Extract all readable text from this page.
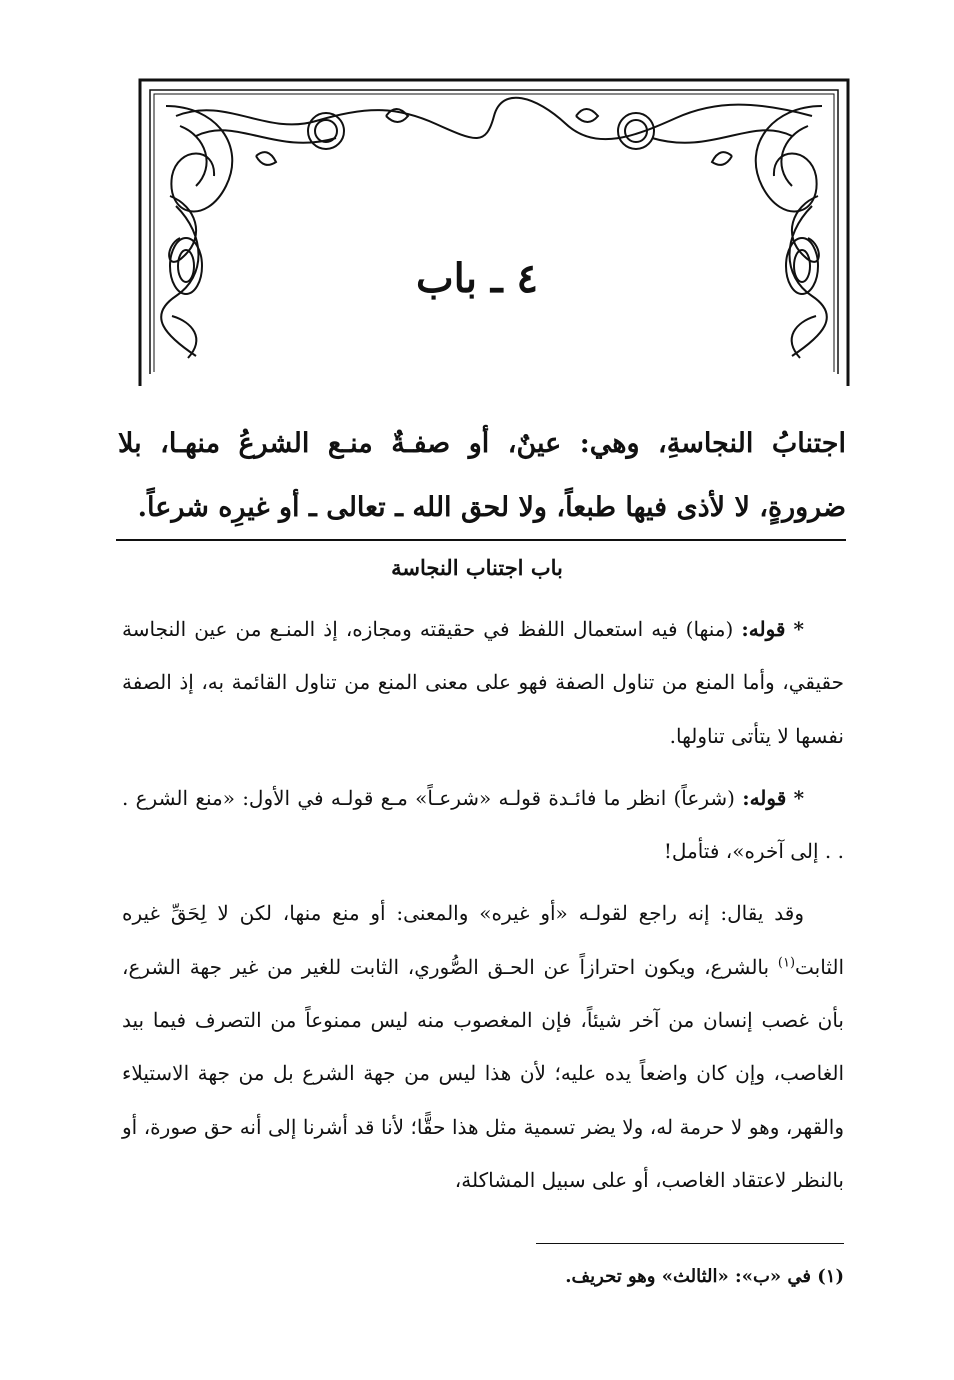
٤ ـ باب
اجتنابُ النجاسةِ، وهي: عينٌ، أو صفـةٌ منـع الشرعُ منهـا، بلا ضرورةٍ، لا لأذى فيها طبعاً، ولا لحق الله ـ تعالى ـ أو غيرِه شرعاً.
باب اجتناب النجاسة

* قوله: (منها) فيه استعمال اللفظ في حقيقته ومجازه، إذ المنـع من عين النجاسة حقيقي، وأما المنع من تناول الصفة فهو على معنى المنع من تناول القائمة به، إذ الصفة نفسها لا يتأتى تناولها.

* قوله: (شرعاً) انظر ما فائـدة قولـه «شرعـاً» مـع قولـه في الأول: «منع الشرع . . . إلى آخره»، فتأمل!

وقد يقال: إنه راجع لقولـه «أو غيره» والمعنى: أو منع منها، لكن لا لِحَقِّ غيره الثابت$^{(١)}$ بالشرع، ويكون احترازاً عن الحـق الصُّوري، الثابت للغير من غير جهة الشرع، بأن غصب إنسان من آخر شيئاً، فإن المغصوب منه ليس ممنوعاً من التصرف فيما بيد الغاصب، وإن كان واضعاً يده عليه؛ لأن هذا ليس من جهة الشرع بل من جهة الاستيلاء والقهر، وهو لا حرمة له، ولا يضر تسمية مثل هذا حقًّا؛ لأنا قد أشرنا إلى أنه حق صورة، أو بالنظر لاعتقاد الغاصب، أو على سبيل المشاكلة،

(١) في «ب»: «الثالث» وهو تحريف.
